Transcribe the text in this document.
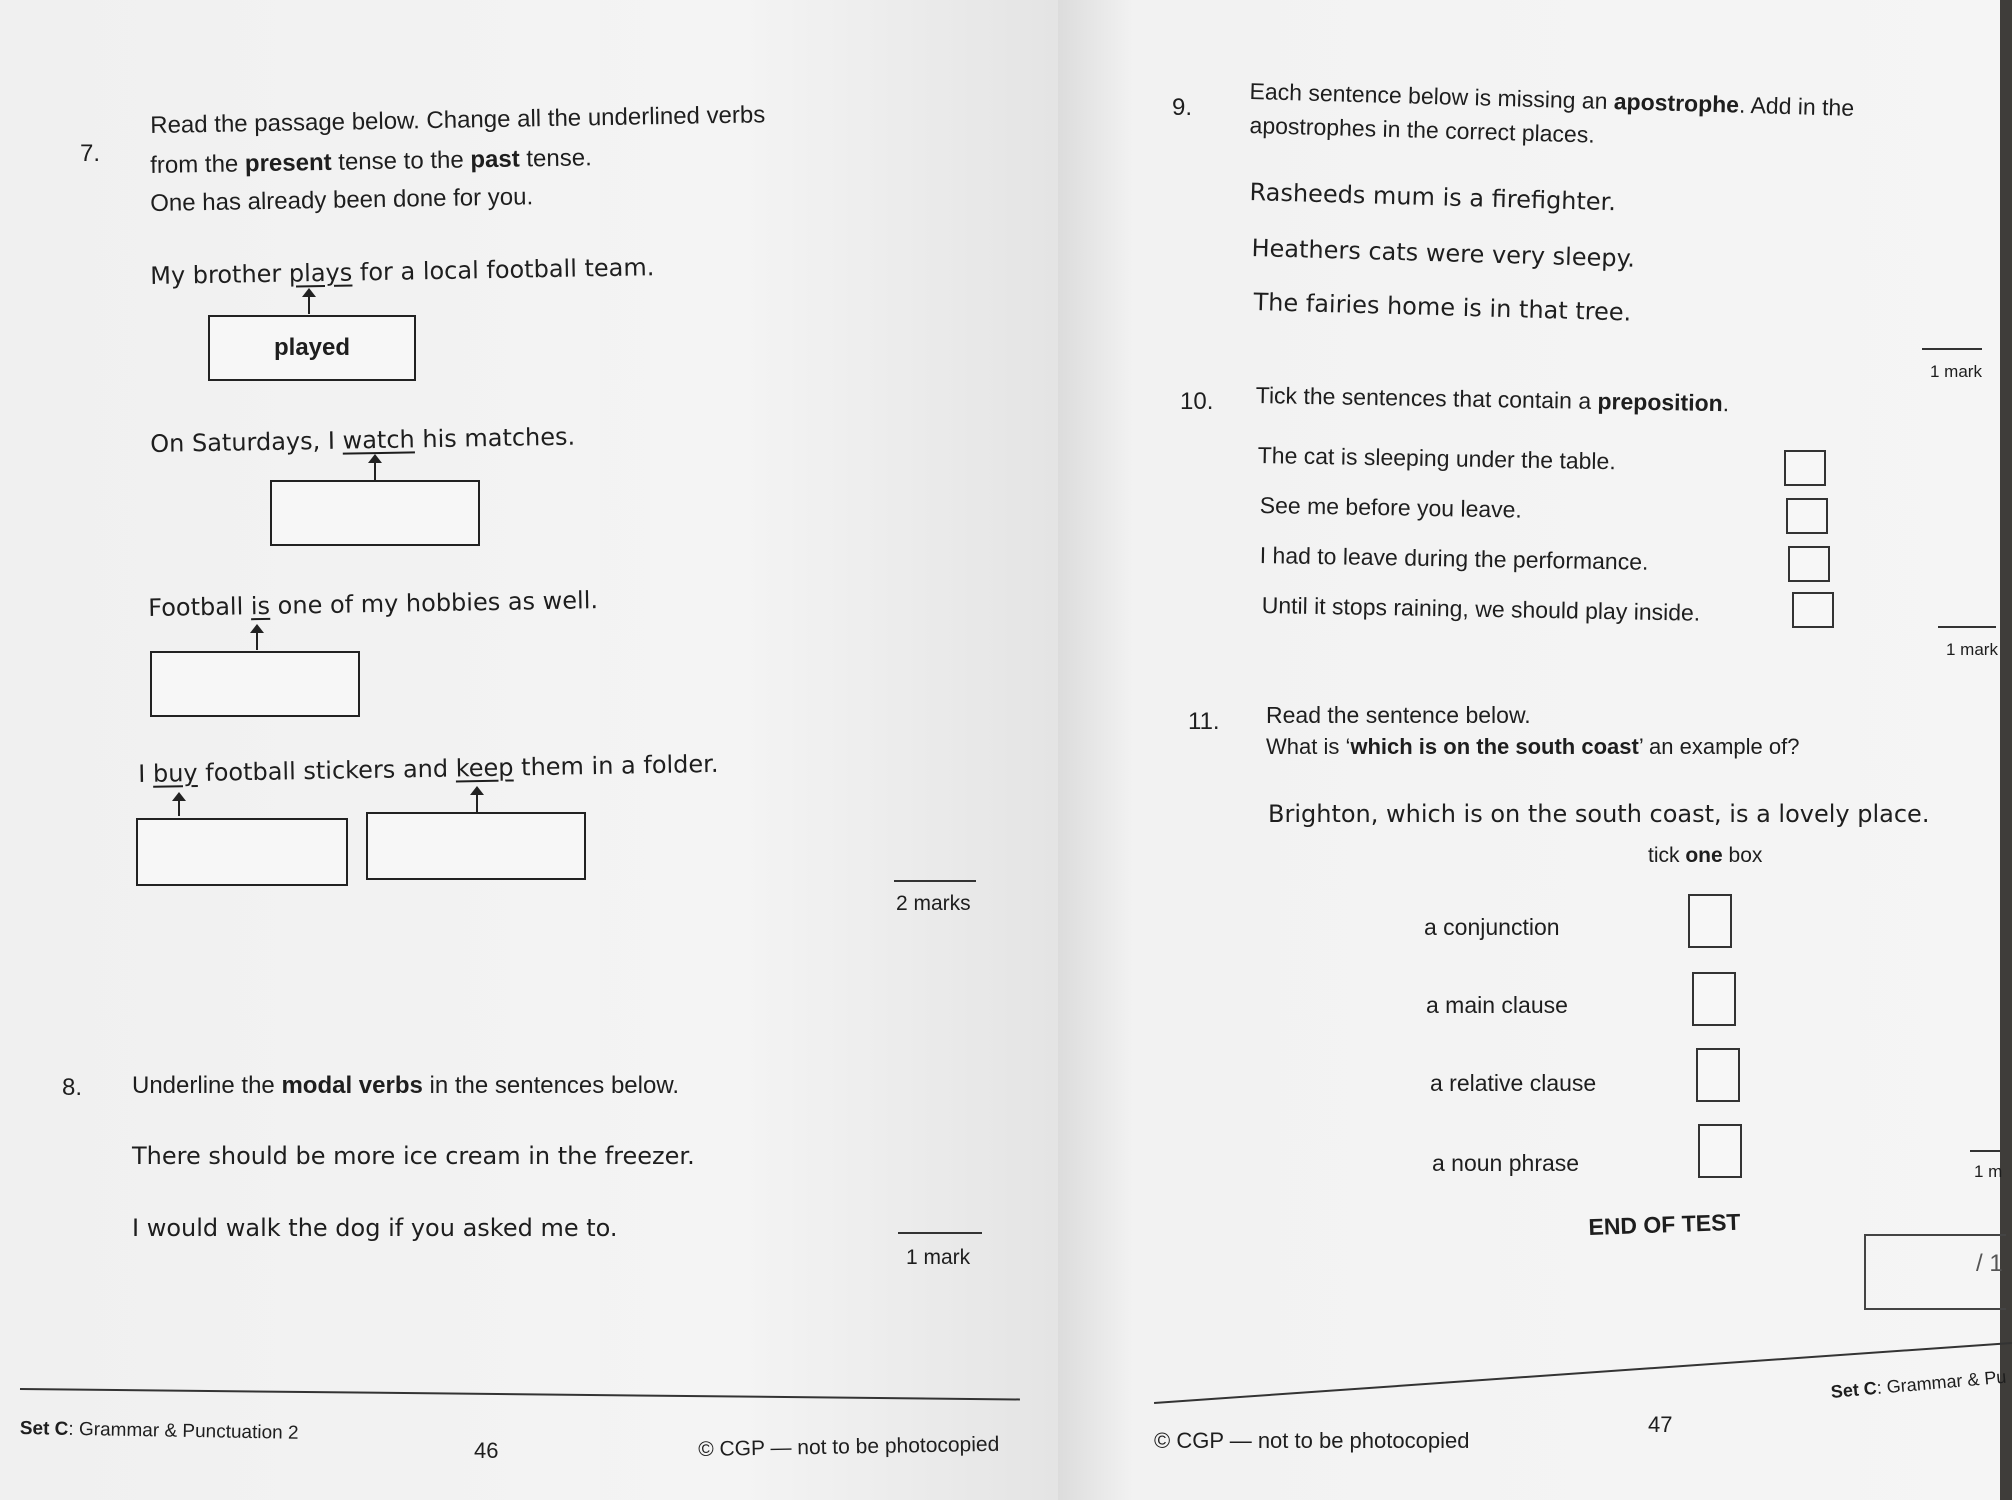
7.
Read the passage below. Change all the underlined verbs
from the present tense to the past tense.
One has already been done for you.
My brother plays for a local football team.
played
On Saturdays, I watch his matches.
Football is one of my hobbies as well.
I buy football stickers and keep them in a folder.
2 marks
8. Underline the modal verbs in the sentences below.
There should be more ice cream in the freezer.
I would walk the dog if you asked me to.
1 mark
Set C: Grammar & Punctuation 2
46	© CGP — not to be photocopied
9. Each sentence below is missing an apostrophe. Add in the
apostrophes in the correct places.
Rasheeds mum is a firefighter.
Heathers cats were very sleepy.
The fairies home is in that tree.
1 mark
10. Tick the sentences that contain a preposition.
The cat is sleeping under the table.
See me before you leave.
I had to leave during the performance.
Until it stops raining, we should play inside.
1 mark
11. Read the sentence below.
What is ‘which is on the south coast’ an example of?
Brighton, which is on the south coast, is a lovely place.
tick one box
a conjunction
a main clause
a relative clause
a noun phrase	1 m
END OF TEST
/ 1
© CGP — not to be photocopied
47
Set C: Grammar & Pu
